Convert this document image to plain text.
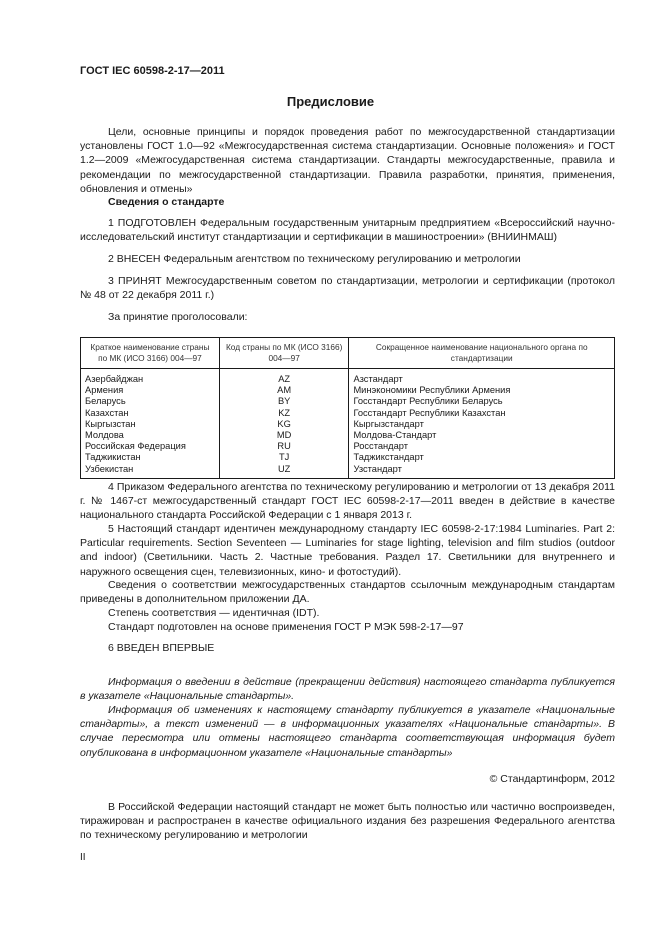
ГОСТ IEC 60598-2-17—2011
Предисловие

Цели, основные принципы и порядок проведения работ по межгосударственной стандартизации установлены ГОСТ 1.0—92 «Межгосударственная система стандартизации. Основные положения» и ГОСТ 1.2—2009 «Межгосударственная система стандартизации. Стандарты межгосударственные, правила и рекомендации по межгосударственной стандартизации. Правила разработки, принятия, применения, обновления и отмены»

Сведения о стандарте

1 ПОДГОТОВЛЕН Федеральным государственным унитарным предприятием «Всероссийский научно-исследовательский институт стандартизации и сертификации в машиностроении» (ВНИИНМАШ)

2 ВНЕСЕН Федеральным агентством по техническому регулированию и метрологии

3 ПРИНЯТ Межгосударственным советом по стандартизации, метрологии и сертификации (протокол № 48 от 22 декабря 2011 г.)

За принятие проголосовали:

Краткое наименование страны по МК (ИСО 3166) 004—97	Код страны по МК (ИСО 3166) 004—97	Сокращенное наименование национального органа по стандартизации
Азербайджан	AZ	Азстандарт
Армения	AM	Минэкономики Республики Армения
Беларусь	BY	Госстандарт Республики Беларусь
Казахстан	KZ	Госстандарт Республики Казахстан
Кыргызстан	KG	Кыргызстандарт
Молдова	MD	Молдова-Стандарт
Российская Федерация	RU	Росстандарт
Таджикистан	TJ	Таджикстандарт
Узбекистан	UZ	Узстандарт

4 Приказом Федерального агентства по техническому регулированию и метрологии от 13 декабря 2011 г. № 1467-ст межгосударственный стандарт ГОСТ IEC 60598-2-17—2011 введен в действие в качестве национального стандарта Российской Федерации с 1 января 2013 г.

5 Настоящий стандарт идентичен международному стандарту IEC 60598-2-17:1984 Luminaries. Part 2: Particular requirements. Section Seventeen — Luminaries for stage lighting, television and film studios (outdoor and indoor) (Светильники. Часть 2. Частные требования. Раздел 17. Светильники для внутреннего и наружного освещения сцен, телевизионных, кино- и фотостудий).

Сведения о соответствии межгосударственных стандартов ссылочным международным стандартам приведены в дополнительном приложении ДА.

Степень соответствия — идентичная (IDT).

Стандарт подготовлен на основе применения ГОСТ Р МЭК 598-2-17—97

6 ВВЕДЕН ВПЕРВЫЕ

Информация о введении в действие (прекращении действия) настоящего стандарта публикуется в указателе «Национальные стандарты».

Информация об изменениях к настоящему стандарту публикуется в указателе «Национальные стандарты», а текст изменений — в информационных указателях «Национальные стандарты». В случае пересмотра или отмены настоящего стандарта соответствующая информация будет опубликована в информационном указателе «Национальные стандарты»

© Стандартинформ, 2012

В Российской Федерации настоящий стандарт не может быть полностью или частично воспроизведен, тиражирован и распространен в качестве официального издания без разрешения Федерального агентства по техническому регулированию и метрологии

II
